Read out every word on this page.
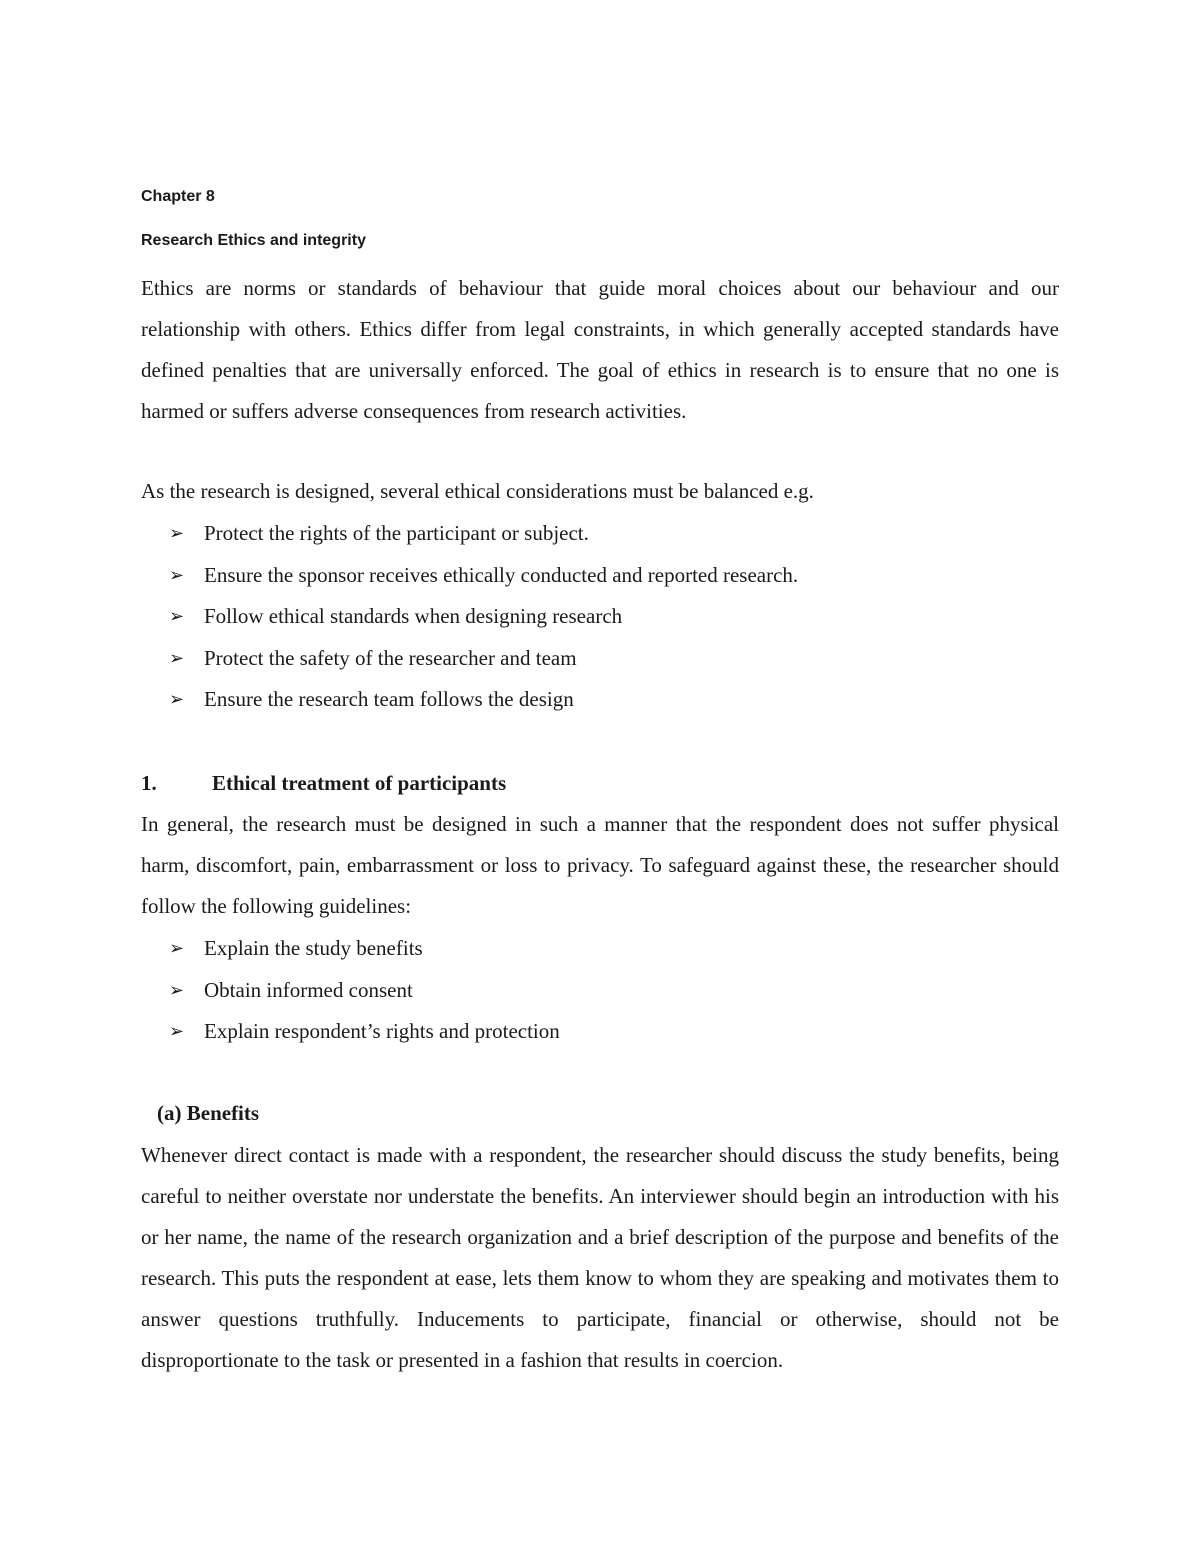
Chapter 8

Research Ethics and integrity

Ethics are norms or standards of behaviour that guide moral choices about our behaviour and our relationship with others. Ethics differ from legal constraints, in which generally accepted standards have defined penalties that are universally enforced. The goal of ethics in research is to ensure that no one is harmed or suffers adverse consequences from research activities.

As the research is designed, several ethical considerations must be balanced e.g.

➢ Protect the rights of the participant or subject.
➢ Ensure the sponsor receives ethically conducted and reported research.
➢ Follow ethical standards when designing research
➢ Protect the safety of the researcher and team
➢ Ensure the research team follows the design
1.	Ethical treatment of participants

In general, the research must be designed in such a manner that the respondent does not suffer physical harm, discomfort, pain, embarrassment or loss to privacy. To safeguard against these, the researcher should follow the following guidelines:

➢ Explain the study benefits
➢ Obtain informed consent
➢ Explain respondent’s rights and protection

(a) Benefits

Whenever direct contact is made with a respondent, the researcher should discuss the study benefits, being careful to neither overstate nor understate the benefits. An interviewer should begin an introduction with his or her name, the name of the research organization and a brief description of the purpose and benefits of the research. This puts the respondent at ease, lets them know to whom they are speaking and motivates them to answer questions truthfully. Inducements to participate, financial or otherwise, should not be disproportionate to the task or presented in a fashion that results in coercion.
